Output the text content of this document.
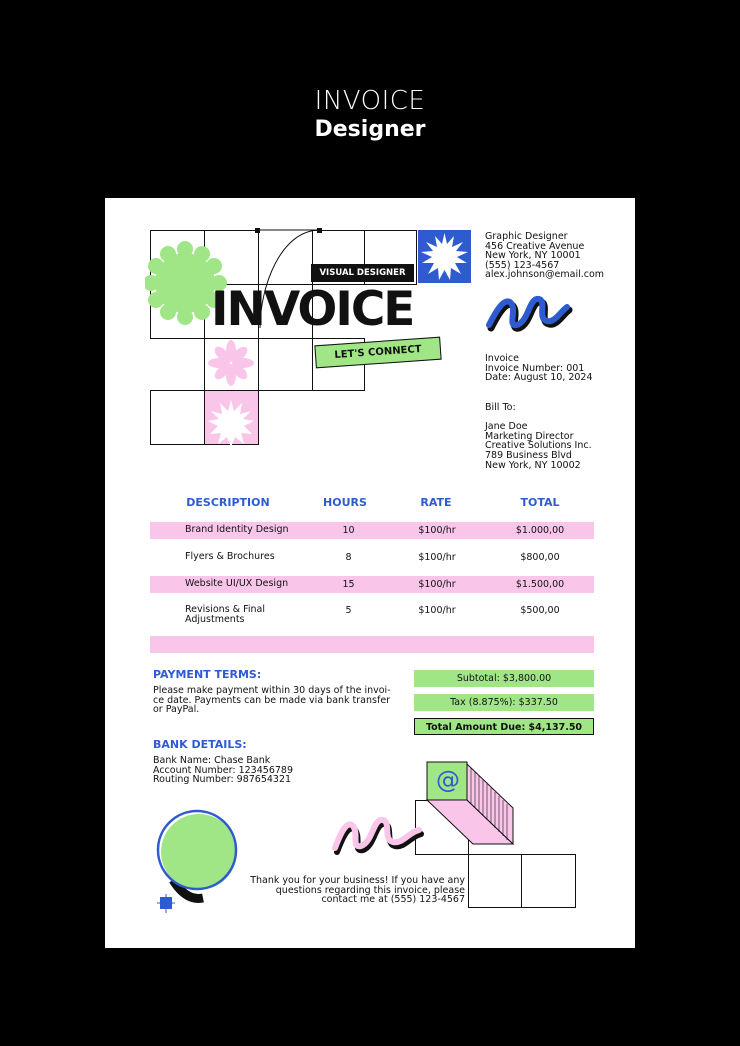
INVOICE
Designer
VISUAL DESIGNER
INVOICE
LET'S CONNECT
Graphic Designer
456 Creative Avenue
New York, NY 10001
(555) 123-4567
alex.johnson@email.com
Invoice
Invoice Number: 001
Date: August 10, 2024
Bill To:
Jane Doe
Marketing Director
Creative Solutions Inc.
789 Business Blvd
New York, NY 10002
DESCRIPTION	HOURS	RATE	TOTAL
Brand Identity Design	10	$100/hr	$1.000,00
Flyers & Brochures	8	$100/hr	$800,00
Website UI/UX Design	15	$100/hr	$1.500,00
Revisions & Final
Adjustments
5	$100/hr	$500,00
PAYMENT TERMS:
Please make payment within 30 days of the invoi-
ce date. Payments can be made via bank transfer
or PayPal.
Subtotal: $3,800.00
Tax (8.875%): $337.50
Total Amount Due: $4,137.50
BANK DETAILS:
Bank Name: Chase Bank
Account Number: 123456789
Routing Number: 987654321	@
Thank you for your business! If you have any
questions regarding this invoice, please
contact me at (555) 123-4567
